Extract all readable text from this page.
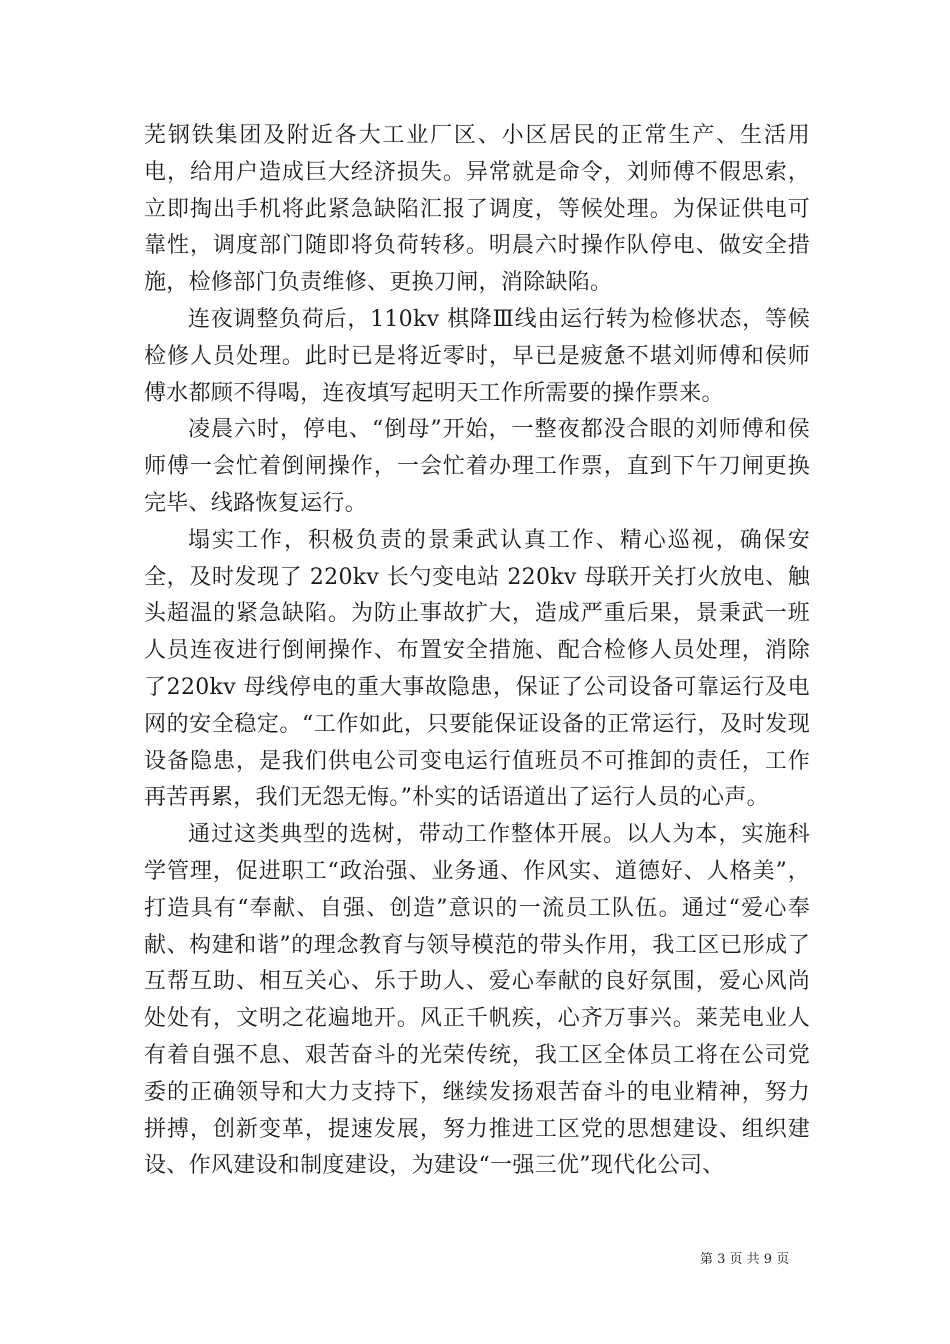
芜钢铁集团及附近各大工业厂区、小区居民的正常生产、生活用电，给用户造成巨大经济损失。异常就是命令，刘师傅不假思索，立即掏出手机将此紧急缺陷汇报了调度，等候处理。为保证供电可靠性，调度部门随即将负荷转移。明晨六时操作队停电、做安全措施，检修部门负责维修、更换刀闸，消除缺陷。

连夜调整负荷后，110kv 棋降Ⅲ线由运行转为检修状态，等候检修人员处理。此时已是将近零时，早已是疲惫不堪刘师傅和侯师傅水都顾不得喝，连夜填写起明天工作所需要的操作票来。

凌晨六时，停电、“倒母”开始，一整夜都没合眼的刘师傅和侯师傅一会忙着倒闸操作，一会忙着办理工作票，直到下午刀闸更换完毕、线路恢复运行。

塌实工作，积极负责的景秉武认真工作、精心巡视，确保安全，及时发现了 220kv 长勺变电站 220kv 母联开关打火放电、触头超温的紧急缺陷。为防止事故扩大，造成严重后果，景秉武一班人员连夜进行倒闸操作、布置安全措施、配合检修人员处理，消除了220kv 母线停电的重大事故隐患，保证了公司设备可靠运行及电网的安全稳定。“工作如此，只要能保证设备的正常运行，及时发现设备隐患，是我们供电公司变电运行值班员不可推卸的责任，工作再苦再累，我们无怨无悔。”朴实的话语道出了运行人员的心声。

通过这类典型的选树，带动工作整体开展。以人为本，实施科学管理，促进职工“政治强、业务通、作风实、道德好、人格美”，打造具有“奉献、自强、创造”意识的一流员工队伍。通过“爱心奉献、构建和谐”的理念教育与领导模范的带头作用，我工区已形成了互帮互助、相互关心、乐于助人、爱心奉献的良好氛围，爱心风尚处处有，文明之花遍地开。风正千帆疾，心齐万事兴。莱芜电业人有着自强不息、艰苦奋斗的光荣传统，我工区全体员工将在公司党委的正确领导和大力支持下，继续发扬艰苦奋斗的电业精神，努力拼搏，创新变革，提速发展，努力推进工区党的思想建设、组织建设、作风建设和制度建设，为建设“一强三优”现代化公司、

第 3 页 共 9 页
